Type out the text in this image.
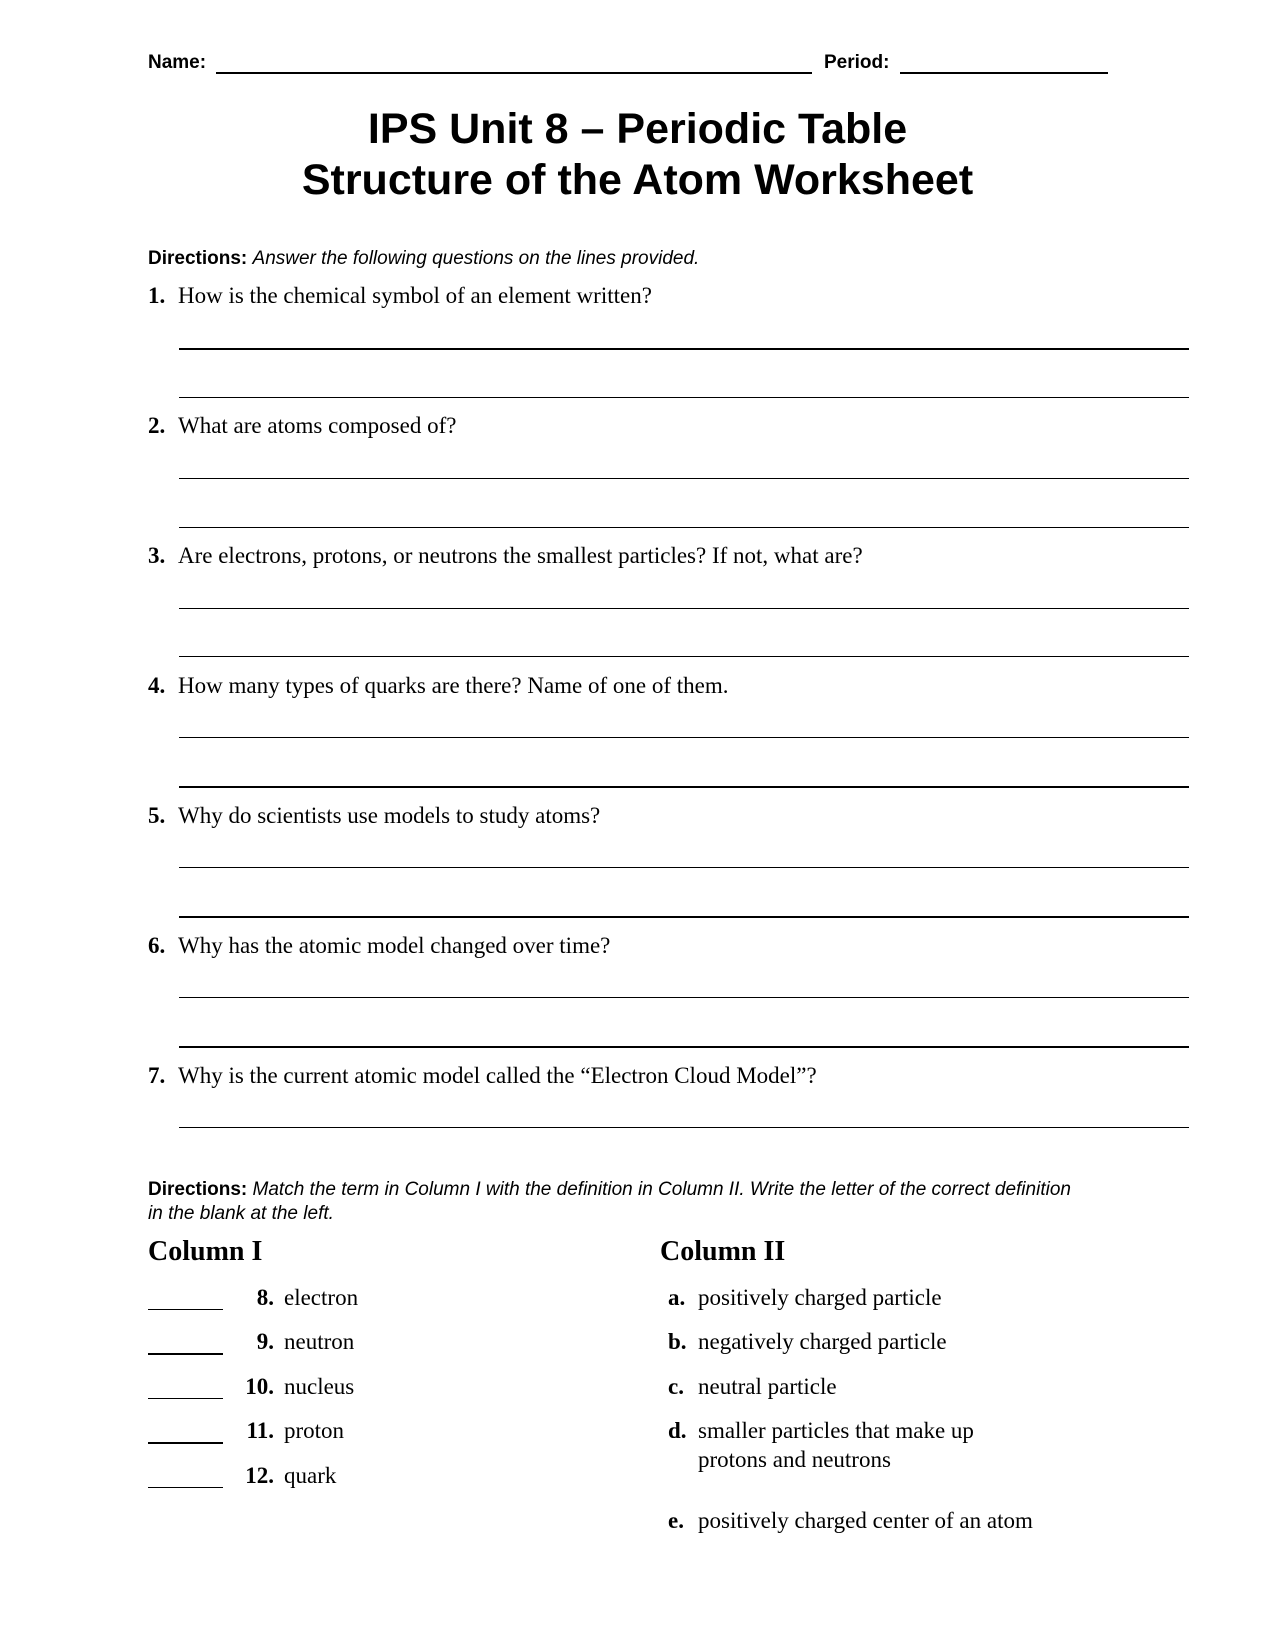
Name:	Period:
IPS Unit 8 – Periodic Table
Structure of the Atom Worksheet
Directions: Answer the following questions on the lines provided.
1. How is the chemical symbol of an element written?
2. What are atoms composed of?
3. Are electrons, protons, or neutrons the smallest particles? If not, what are?
4. How many types of quarks are there? Name of one of them.
5. Why do scientists use models to study atoms?
6. Why has the atomic model changed over time?
7. Why is the current atomic model called the “Electron Cloud Model”?
Directions: Match the term in Column I with the definition in Column II. Write the letter of the correct definition
in the blank at the left.
Column I	Column II
8. electron
9. neutron
10. nucleus
11. proton
12. quark
a. positively charged particle
b. negatively charged particle
c. neutral particle
d. smaller particles that make up
protons and neutrons
e. positively charged center of an atom
